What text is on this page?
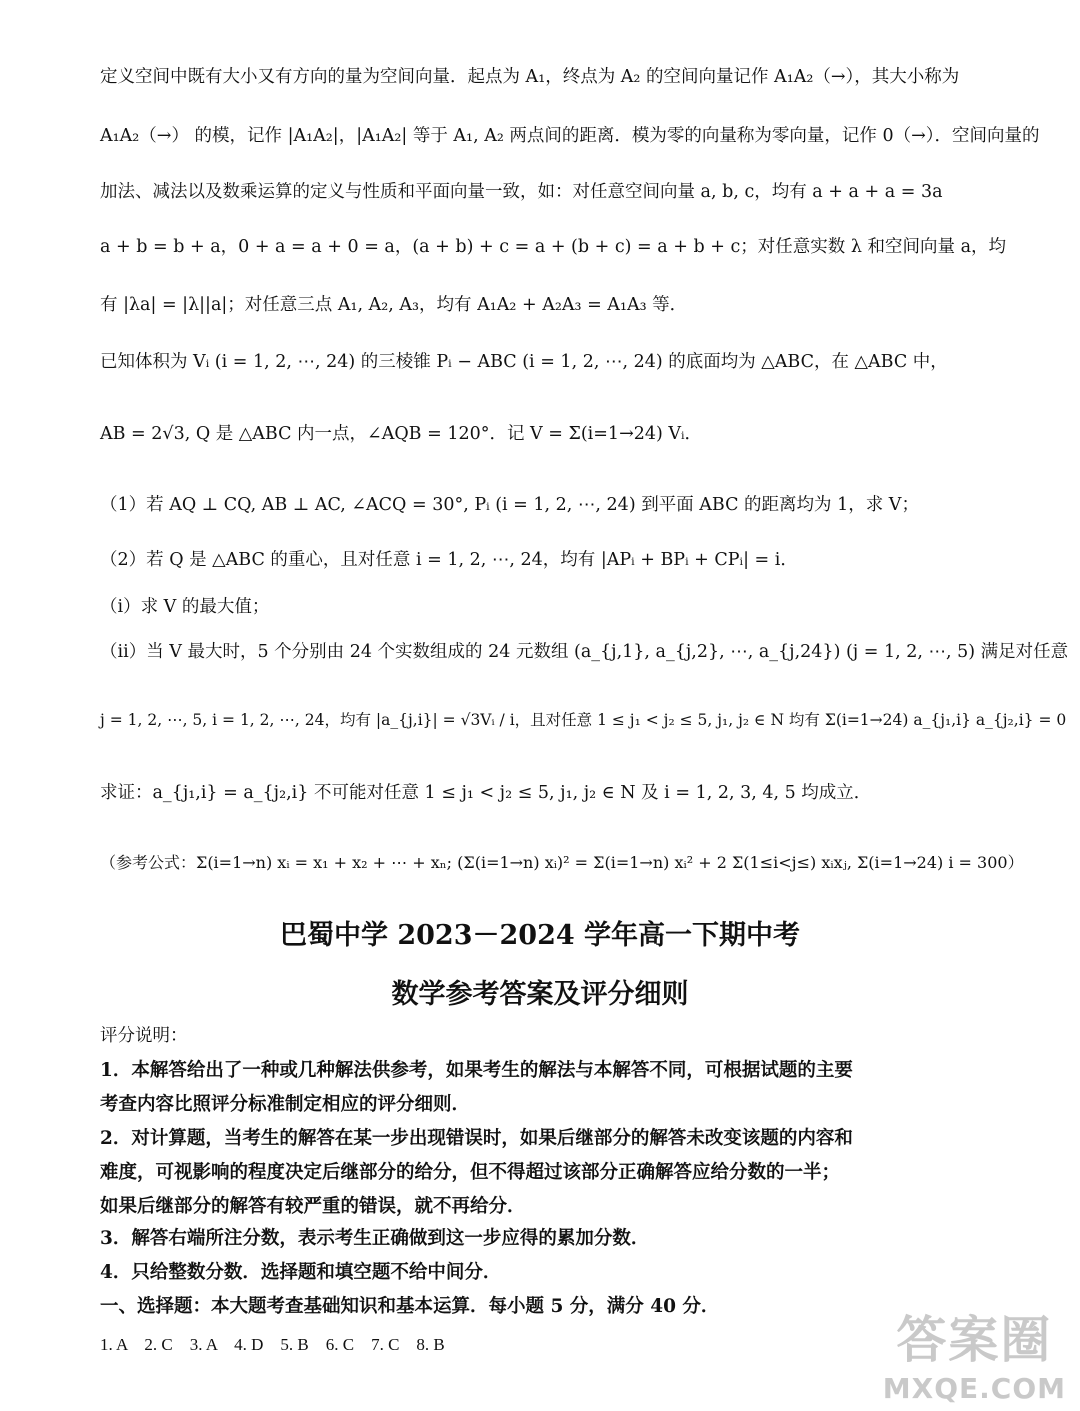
定义空间中既有大小又有方向的量为空间向量．起点为 A₁，终点为 A₂ 的空间向量记作 A₁A₂（→），其大小称为
A₁A₂（→） 的模，记作 |A₁A₂|，|A₁A₂| 等于 A₁, A₂ 两点间的距离．模为零的向量称为零向量，记作 0（→）．空间向量的
加法、减法以及数乘运算的定义与性质和平面向量一致，如：对任意空间向量 a, b, c，均有 a + a + a = 3a
a + b = b + a，0 + a = a + 0 = a，(a + b) + c = a + (b + c) = a + b + c；对任意实数 λ 和空间向量 a，均
有 |λa| = |λ||a|；对任意三点 A₁, A₂, A₃，均有 A₁A₂ + A₂A₃ = A₁A₃ 等．
已知体积为 Vᵢ (i = 1, 2, ⋯, 24) 的三棱锥 Pᵢ − ABC (i = 1, 2, ⋯, 24) 的底面均为 △ABC，在 △ABC 中，
AB = 2√3, Q 是 △ABC 内一点，∠AQB = 120°．记 V = Σ(i=1→24) Vᵢ．
（1）若 AQ ⊥ CQ, AB ⊥ AC, ∠ACQ = 30°, Pᵢ (i = 1, 2, ⋯, 24) 到平面 ABC 的距离均为 1，求 V；
（2）若 Q 是 △ABC 的重心，且对任意 i = 1, 2, ⋯, 24，均有 |APᵢ + BPᵢ + CPᵢ| = i．
（i）求 V 的最大值；
（ii）当 V 最大时，5 个分别由 24 个实数组成的 24 元数组 (a_{j,1}, a_{j,2}, ⋯, a_{j,24}) (j = 1, 2, ⋯, 5) 满足对任意
j = 1, 2, ⋯, 5, i = 1, 2, ⋯, 24，均有 |a_{j,i}| = √3Vᵢ / i，且对任意 1 ≤ j₁ < j₂ ≤ 5, j₁, j₂ ∈ N 均有 Σ(i=1→24) a_{j₁,i} a_{j₂,i} = 0
求证：a_{j₁,i} = a_{j₂,i} 不可能对任意 1 ≤ j₁ < j₂ ≤ 5, j₁, j₂ ∈ N 及 i = 1, 2, 3, 4, 5 均成立．
（参考公式：Σ(i=1→n) xᵢ = x₁ + x₂ + ⋯ + xₙ; (Σ(i=1→n) xᵢ)² = Σ(i=1→n) xᵢ² + 2 Σ(1≤i<j≤) xᵢxⱼ, Σ(i=1→24) i = 300）
巴蜀中学 2023－2024 学年高一下期中考
数学参考答案及评分细则
评分说明：
1．本解答给出了一种或几种解法供参考，如果考生的解法与本解答不同，可根据试题的主要
考查内容比照评分标准制定相应的评分细则．
2．对计算题，当考生的解答在某一步出现错误时，如果后继部分的解答未改变该题的内容和
难度，可视影响的程度决定后继部分的给分，但不得超过该部分正确解答应给分数的一半；
如果后继部分的解答有较严重的错误，就不再给分．
3．解答右端所注分数，表示考生正确做到这一步应得的累加分数．
4．只给整数分数．选择题和填空题不给中间分．
一、选择题：本大题考查基础知识和基本运算．每小题 5 分，满分 40 分．
1. A　2. C　3. A　4. D　5. B　6. C　7. C　8. B	答案圈
MXQE.COM
